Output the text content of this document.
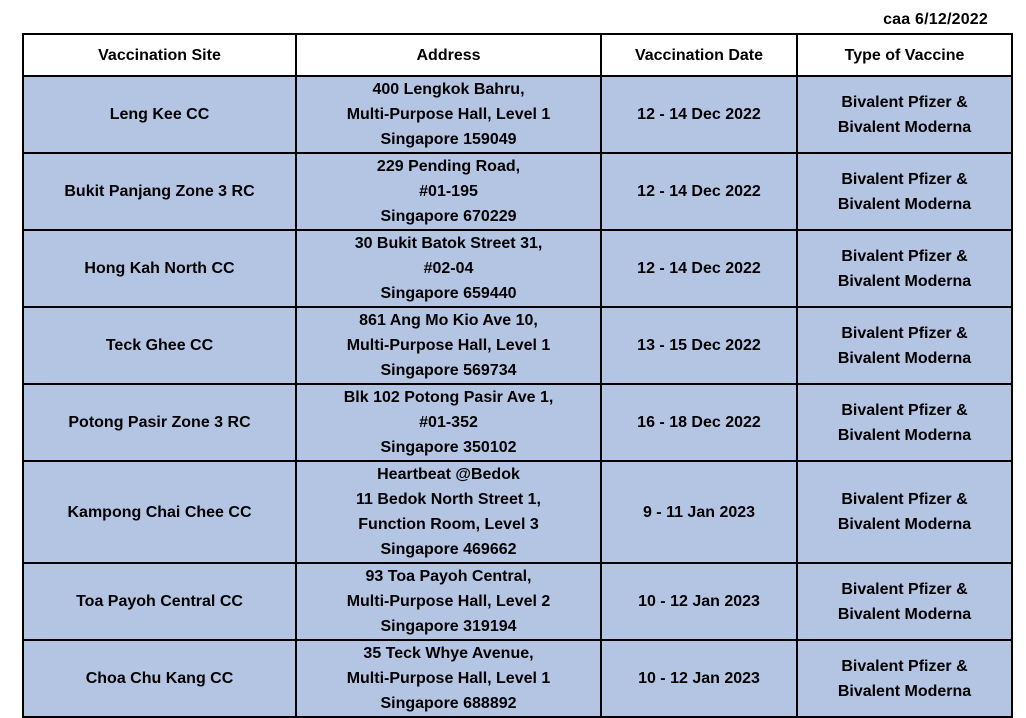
caa 6/12/2022
Vaccination Site	Address	Vaccination Date	Type of Vaccine
Leng Kee CC	400 Lengkok Bahru,
Multi-Purpose Hall, Level 1
Singapore 159049	12 - 14 Dec 2022	Bivalent Pfizer &
Bivalent Moderna

Bukit Panjang Zone 3 RC	229 Pending Road,
#01-195
Singapore 670229	12 - 14 Dec 2022	Bivalent Pfizer &
Bivalent Moderna

Hong Kah North CC	30 Bukit Batok Street 31,
#02-04
Singapore 659440	12 - 14 Dec 2022	Bivalent Pfizer &
Bivalent Moderna

Teck Ghee CC	861 Ang Mo Kio Ave 10,
Multi-Purpose Hall, Level 1
Singapore 569734	13 - 15 Dec 2022	Bivalent Pfizer &
Bivalent Moderna

Potong Pasir Zone 3 RC	Blk 102 Potong Pasir Ave 1,
#01-352
Singapore 350102	16 - 18 Dec 2022	Bivalent Pfizer &
Bivalent Moderna

Kampong Chai Chee CC	Heartbeat @Bedok
11 Bedok North Street 1,
Function Room, Level 3
Singapore 469662	9 - 11 Jan 2023	Bivalent Pfizer &
Bivalent Moderna

Toa Payoh Central CC	93 Toa Payoh Central,
Multi-Purpose Hall, Level 2
Singapore 319194	10 - 12 Jan 2023	Bivalent Pfizer &
Bivalent Moderna

Choa Chu Kang CC	35 Teck Whye Avenue,
Multi-Purpose Hall, Level 1
Singapore 688892	10 - 12 Jan 2023	Bivalent Pfizer &
Bivalent Moderna
